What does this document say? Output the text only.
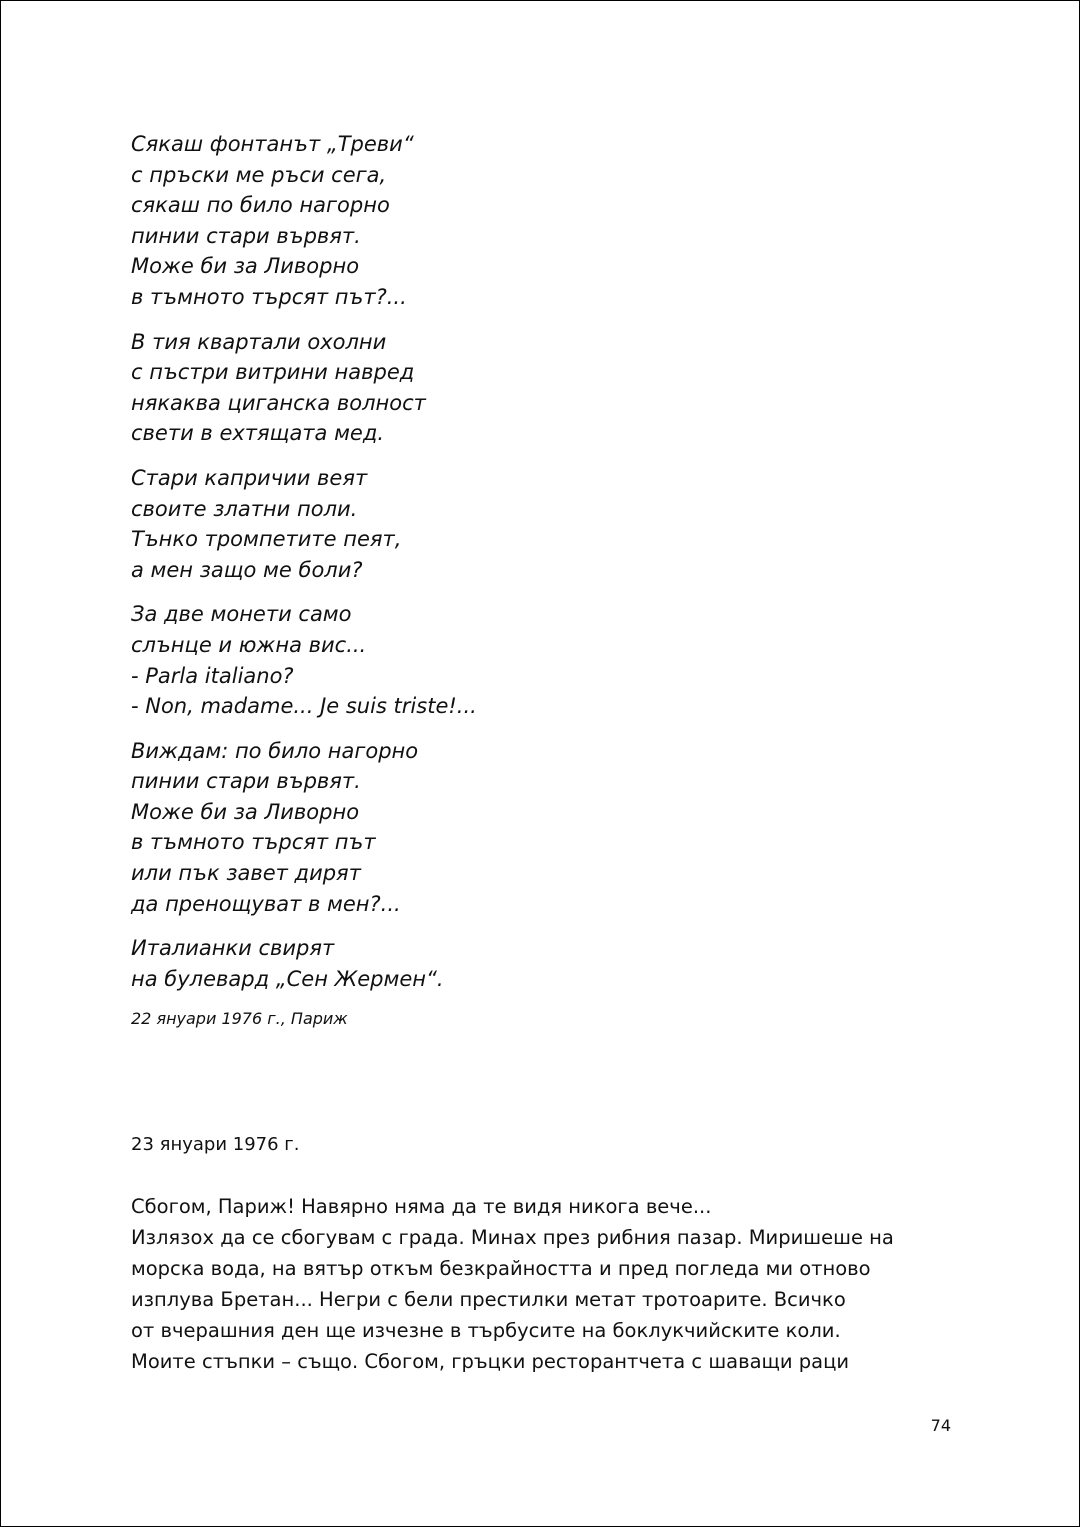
Сякаш фонтанът „Треви“
с пръски ме ръси сега,
сякаш по било нагорно
пинии стари вървят.
Може би за Ливорно
в тъмното търсят път?...
В тия квартали охолни
с пъстри витрини навред
някаква циганска волност
свети в ехтящата мед.
Стари капричии веят
своите златни поли.
Тънко тромпетите пеят,
а мен защо ме боли?
За две монети само
слънце и южна вис...
- Parla italiano?
- Non, madame... Je suis triste!...
Виждам: по било нагорно
пинии стари вървят.
Може би за Ливорно
в тъмното търсят път
или пък завет дирят
да пренощуват в мен?...
Италианки свирят
на булевард „Сен Жермен“.
22 януари 1976 г., Париж
23 януари 1976 г.
Сбогом, Париж! Навярно няма да те видя никога вече...
Излязох да се сбогувам с града. Минах през рибния пазар. Миришеше на
морска вода, на вятър откъм безкрайността и пред погледа ми отново
изплува Бретан... Негри с бели престилки метат тротоарите. Всичко
от вчерашния ден ще изчезне в търбусите на боклукчийските коли.
Моите стъпки – също. Сбогом, гръцки ресторантчета с шаващи раци
74
